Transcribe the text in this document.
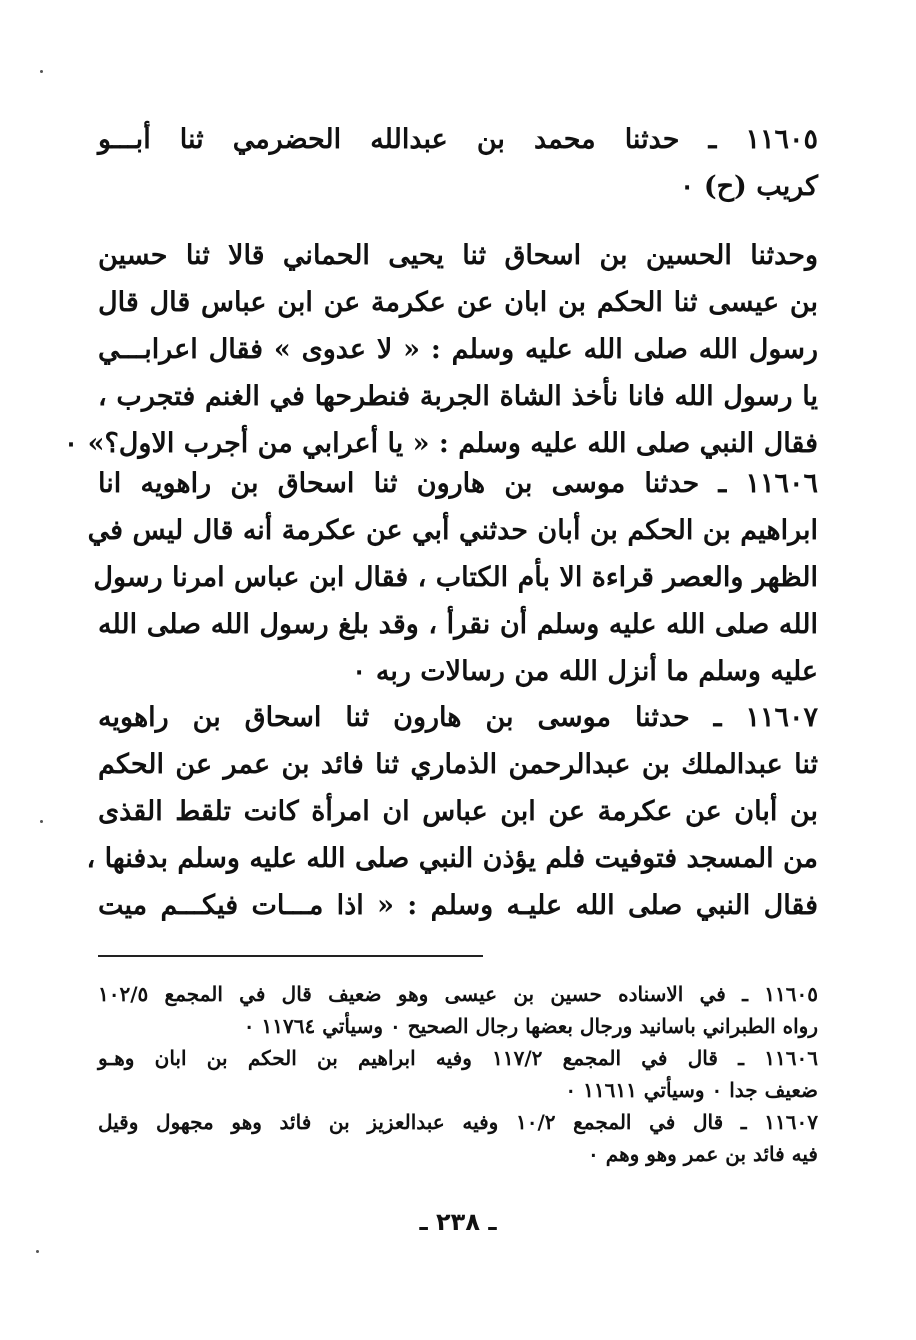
١١٦٠٥ ـ حدثنا محمد بن عبدالله الحضرمي ثنا أبـــو
كريب (ح) ٠
وحدثنا الحسين بن اسحاق ثنا يحيى الحماني قالا ثنا حسين
بن عيسى ثنا الحكم بن ابان عن عكرمة عن ابن عباس قال قال
رسول الله صلى الله عليه وسلم : « لا عدوى » فقال اعرابـــي
يا رسول الله فانا نأخذ الشاة الجربة فنطرحها في الغنم فتجرب ،
فقال النبي صلى الله عليه وسلم : « يا أعرابي من أجرب الاول؟» ٠
١١٦٠٦ ـ حدثنا موسى بن هارون ثنا اسحاق بن راهويه انا
ابراهيم بن الحكم بن أبان حدثني أبي عن عكرمة أنه قال ليس في
الظهر والعصر قراءة الا بأم الكتاب ، فقال ابن عباس امرنا رسول
الله صلى الله عليه وسلم أن نقرأ ، وقد بلغ رسول الله صلى الله
عليه وسلم ما أنزل الله من رسالات ربه ٠
١١٦٠٧ ـ حدثنا موسى بن هارون ثنا اسحاق بن راهويه
ثنا عبدالملك بن عبدالرحمن الذماري ثنا فائد بن عمر عن الحكم
بن أبان عن عكرمة عن ابن عباس ان امرأة كانت تلقط القذى
من المسجد فتوفيت فلم يؤذن النبي صلى الله عليه وسلم بدفنها ،
فقال النبي صلى الله عليـه وسلم : « اذا مـــات فيكـــم ميت
١١٦٠٥ ـ في الاسناده حسين بن عيسى وهو ضعيف قال في المجمع ١٠٢/٥
رواه الطبراني باسانيد ورجال بعضها رجال الصحيح ٠ وسيأتي ١١٧٦٤ ٠
١١٦٠٦ ـ قال في المجمع ١١٧/٢ وفيه ابراهيم بن الحكم بن ابان وهـو
ضعيف جدا ٠ وسيأتي ١١٦١١ ٠
١١٦٠٧ ـ قال في المجمع ١٠/٢ وفيه عبدالعزيز بن فائد وهو مجهول وقيل
فيه فائد بن عمر وهو وهم ٠
ـ ٢٣٨ ـ
